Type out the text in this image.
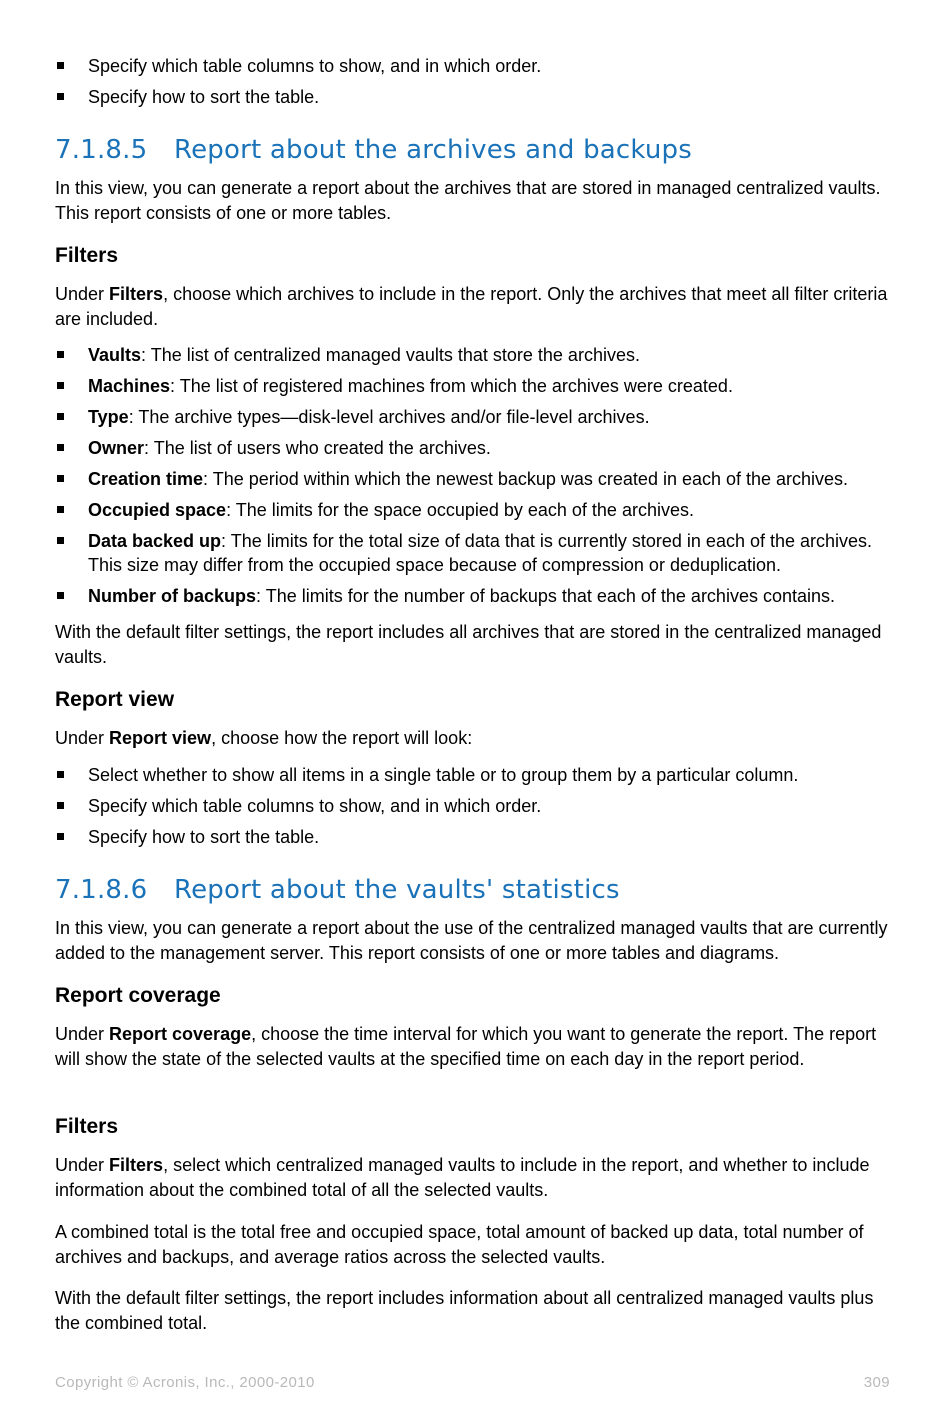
Specify which table columns to show, and in which order.
Specify how to sort the table.
7.1.8.5 Report about the archives and backups
In this view, you can generate a report about the archives that are stored in managed centralized vaults. This report consists of one or more tables.
Filters
Under Filters, choose which archives to include in the report. Only the archives that meet all filter criteria are included.
Vaults: The list of centralized managed vaults that store the archives.
Machines: The list of registered machines from which the archives were created.
Type: The archive types—disk-level archives and/or file-level archives.
Owner: The list of users who created the archives.
Creation time: The period within which the newest backup was created in each of the archives.
Occupied space: The limits for the space occupied by each of the archives.
Data backed up: The limits for the total size of data that is currently stored in each of the archives. This size may differ from the occupied space because of compression or deduplication.
Number of backups: The limits for the number of backups that each of the archives contains.
With the default filter settings, the report includes all archives that are stored in the centralized managed vaults.
Report view
Under Report view, choose how the report will look:
Select whether to show all items in a single table or to group them by a particular column.
Specify which table columns to show, and in which order.
Specify how to sort the table.
7.1.8.6 Report about the vaults' statistics
In this view, you can generate a report about the use of the centralized managed vaults that are currently added to the management server. This report consists of one or more tables and diagrams.
Report coverage
Under Report coverage, choose the time interval for which you want to generate the report. The report will show the state of the selected vaults at the specified time on each day in the report period.
Filters
Under Filters, select which centralized managed vaults to include in the report, and whether to include information about the combined total of all the selected vaults.
A combined total is the total free and occupied space, total amount of backed up data, total number of archives and backups, and average ratios across the selected vaults.
With the default filter settings, the report includes information about all centralized managed vaults plus the combined total.
Copyright © Acronis, Inc., 2000-2010	309
